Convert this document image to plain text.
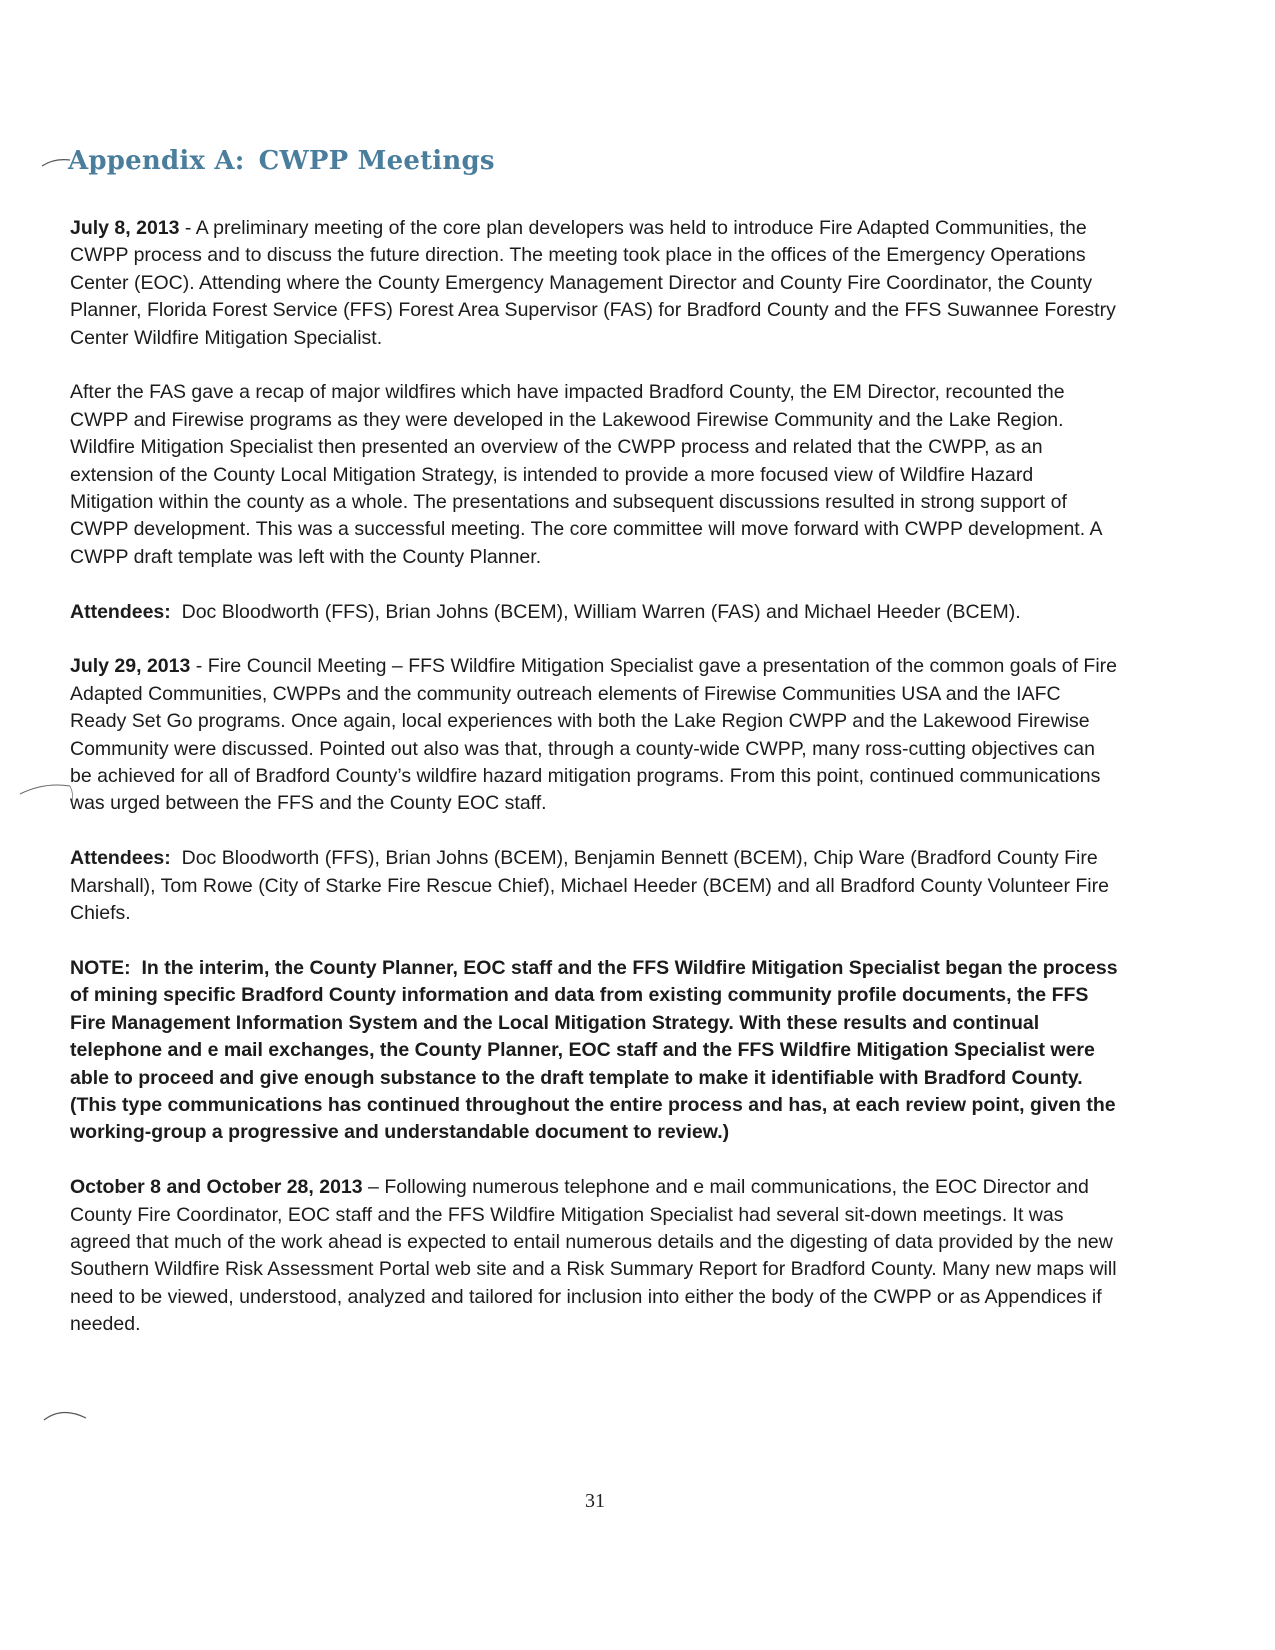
Appendix A: CWPP Meetings

July 8, 2013 - A preliminary meeting of the core plan developers was held to introduce Fire Adapted Communities, the CWPP process and to discuss the future direction. The meeting took place in the offices of the Emergency Operations Center (EOC). Attending where the County Emergency Management Director and County Fire Coordinator, the County Planner, Florida Forest Service (FFS) Forest Area Supervisor (FAS) for Bradford County and the FFS Suwannee Forestry Center Wildfire Mitigation Specialist.

After the FAS gave a recap of major wildfires which have impacted Bradford County, the EM Director, recounted the CWPP and Firewise programs as they were developed in the Lakewood Firewise Community and the Lake Region. Wildfire Mitigation Specialist then presented an overview of the CWPP process and related that the CWPP, as an extension of the County Local Mitigation Strategy, is intended to provide a more focused view of Wildfire Hazard Mitigation within the county as a whole. The presentations and subsequent discussions resulted in strong support of CWPP development. This was a successful meeting. The core committee will move forward with CWPP development. A CWPP draft template was left with the County Planner.

Attendees: Doc Bloodworth (FFS), Brian Johns (BCEM), William Warren (FAS) and Michael Heeder (BCEM).

July 29, 2013 - Fire Council Meeting – FFS Wildfire Mitigation Specialist gave a presentation of the common goals of Fire Adapted Communities, CWPPs and the community outreach elements of Firewise Communities USA and the IAFC Ready Set Go programs. Once again, local experiences with both the Lake Region CWPP and the Lakewood Firewise Community were discussed. Pointed out also was that, through a county-wide CWPP, many ross-cutting objectives can be achieved for all of Bradford County’s wildfire hazard mitigation programs. From this point, continued communications was urged between the FFS and the County EOC staff.

Attendees: Doc Bloodworth (FFS), Brian Johns (BCEM), Benjamin Bennett (BCEM), Chip Ware (Bradford County Fire Marshall), Tom Rowe (City of Starke Fire Rescue Chief), Michael Heeder (BCEM) and all Bradford County Volunteer Fire Chiefs.

NOTE: In the interim, the County Planner, EOC staff and the FFS Wildfire Mitigation Specialist began the process of mining specific Bradford County information and data from existing community profile documents, the FFS Fire Management Information System and the Local Mitigation Strategy. With these results and continual telephone and e mail exchanges, the County Planner, EOC staff and the FFS Wildfire Mitigation Specialist were able to proceed and give enough substance to the draft template to make it identifiable with Bradford County. (This type communications has continued throughout the entire process and has, at each review point, given the working-group a progressive and understandable document to review.)

October 8 and October 28, 2013 – Following numerous telephone and e mail communications, the EOC Director and County Fire Coordinator, EOC staff and the FFS Wildfire Mitigation Specialist had several sit-down meetings. It was agreed that much of the work ahead is expected to entail numerous details and the digesting of data provided by the new Southern Wildfire Risk Assessment Portal web site and a Risk Summary Report for Bradford County. Many new maps will need to be viewed, understood, analyzed and tailored for inclusion into either the body of the CWPP or as Appendices if needed.

31
